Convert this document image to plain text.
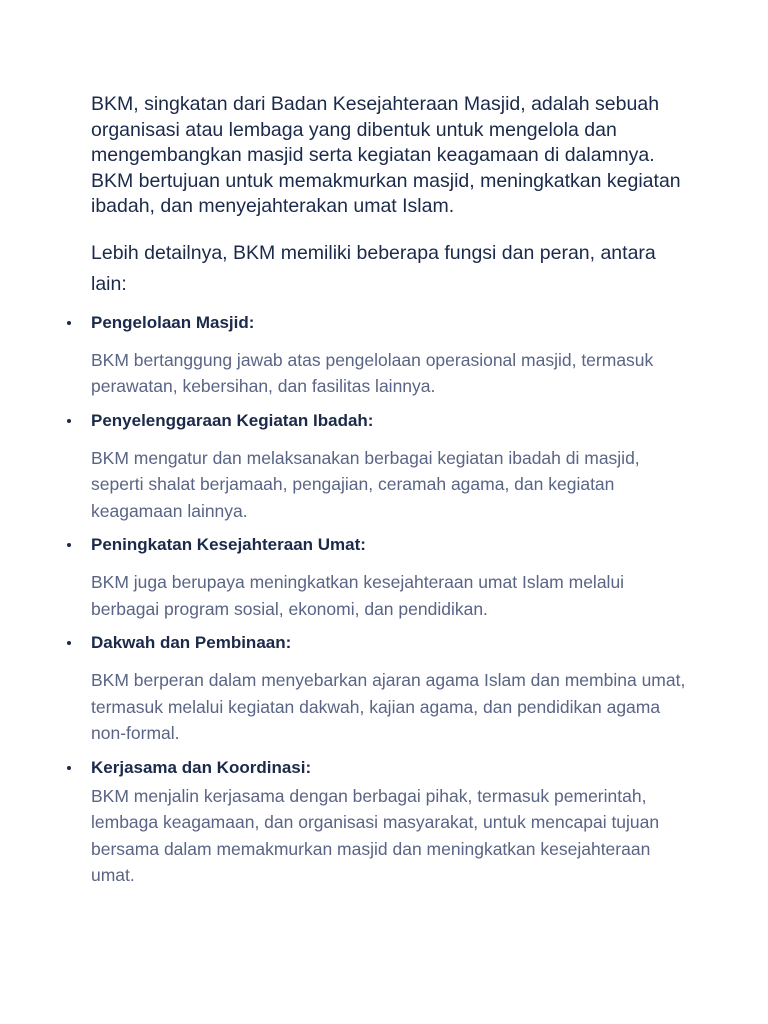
BKM, singkatan dari Badan Kesejahteraan Masjid, adalah sebuah organisasi atau lembaga yang dibentuk untuk mengelola dan mengembangkan masjid serta kegiatan keagamaan di dalamnya. BKM bertujuan untuk memakmurkan masjid, meningkatkan kegiatan ibadah, dan menyejahterakan umat Islam.

Lebih detailnya, BKM memiliki beberapa fungsi dan peran, antara lain:

Pengelolaan Masjid:

BKM bertanggung jawab atas pengelolaan operasional masjid, termasuk perawatan, kebersihan, dan fasilitas lainnya.

Penyelenggaraan Kegiatan Ibadah:

BKM mengatur dan melaksanakan berbagai kegiatan ibadah di masjid, seperti shalat berjamaah, pengajian, ceramah agama, dan kegiatan keagamaan lainnya.

Peningkatan Kesejahteraan Umat:

BKM juga berupaya meningkatkan kesejahteraan umat Islam melalui berbagai program sosial, ekonomi, dan pendidikan.

Dakwah dan Pembinaan:

BKM berperan dalam menyebarkan ajaran agama Islam dan membina umat, termasuk melalui kegiatan dakwah, kajian agama, dan pendidikan agama non-formal.

Kerjasama dan Koordinasi:

BKM menjalin kerjasama dengan berbagai pihak, termasuk pemerintah, lembaga keagamaan, dan organisasi masyarakat, untuk mencapai tujuan bersama dalam memakmurkan masjid dan meningkatkan kesejahteraan umat.
